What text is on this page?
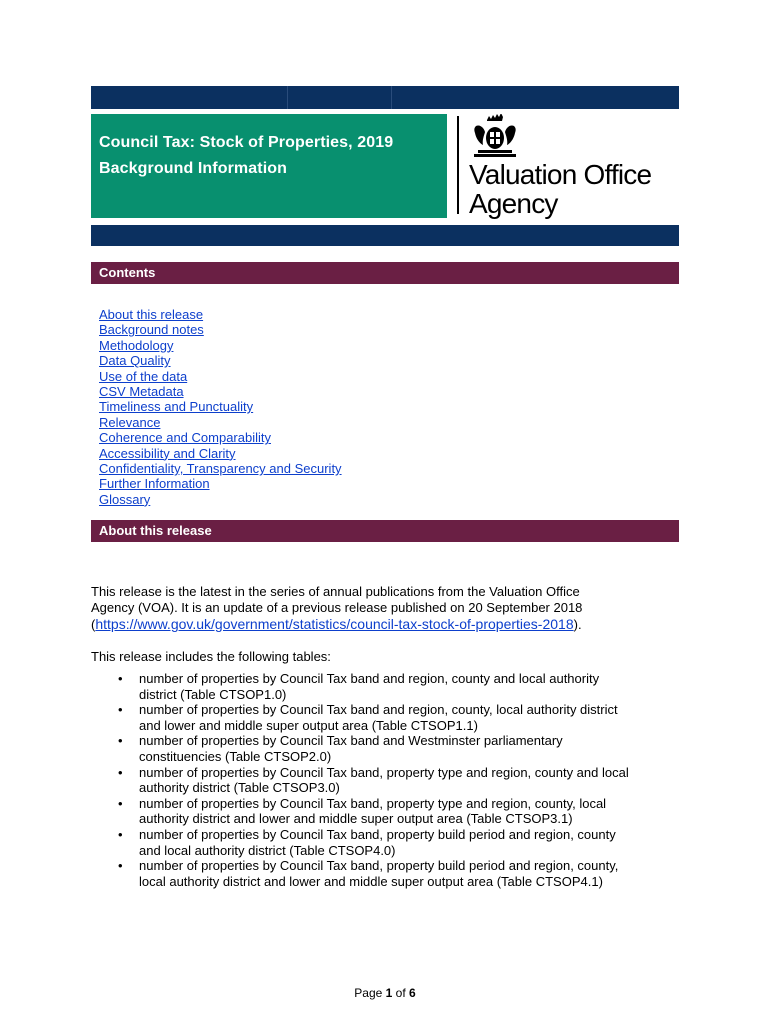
Council Tax: Stock of Properties, 2019
Background Information	Valuation Office
Agency
Contents
About this release
Background notes
Methodology
Data Quality
Use of the data
CSV Metadata
Timeliness and Punctuality
Relevance
Coherence and Comparability
Accessibility and Clarity
Confidentiality, Transparency and Security
Further Information
Glossary
About this release
This release is the latest in the series of annual publications from the Valuation Office
Agency (VOA). It is an update of a previous release published on 20 September 2018
(https://www.gov.uk/government/statistics/council-tax-stock-of-properties-2018).
This release includes the following tables:
• number of properties by Council Tax band and region, county and local authority
district (Table CTSOP1.0)
• number of properties by Council Tax band and region, county, local authority district
and lower and middle super output area (Table CTSOP1.1)
• number of properties by Council Tax band and Westminster parliamentary
constituencies (Table CTSOP2.0)
• number of properties by Council Tax band, property type and region, county and local
authority district (Table CTSOP3.0)
• number of properties by Council Tax band, property type and region, county, local
authority district and lower and middle super output area (Table CTSOP3.1)
• number of properties by Council Tax band, property build period and region, county
and local authority district (Table CTSOP4.0)
• number of properties by Council Tax band, property build period and region, county,
local authority district and lower and middle super output area (Table CTSOP4.1)
Page 1 of 6
